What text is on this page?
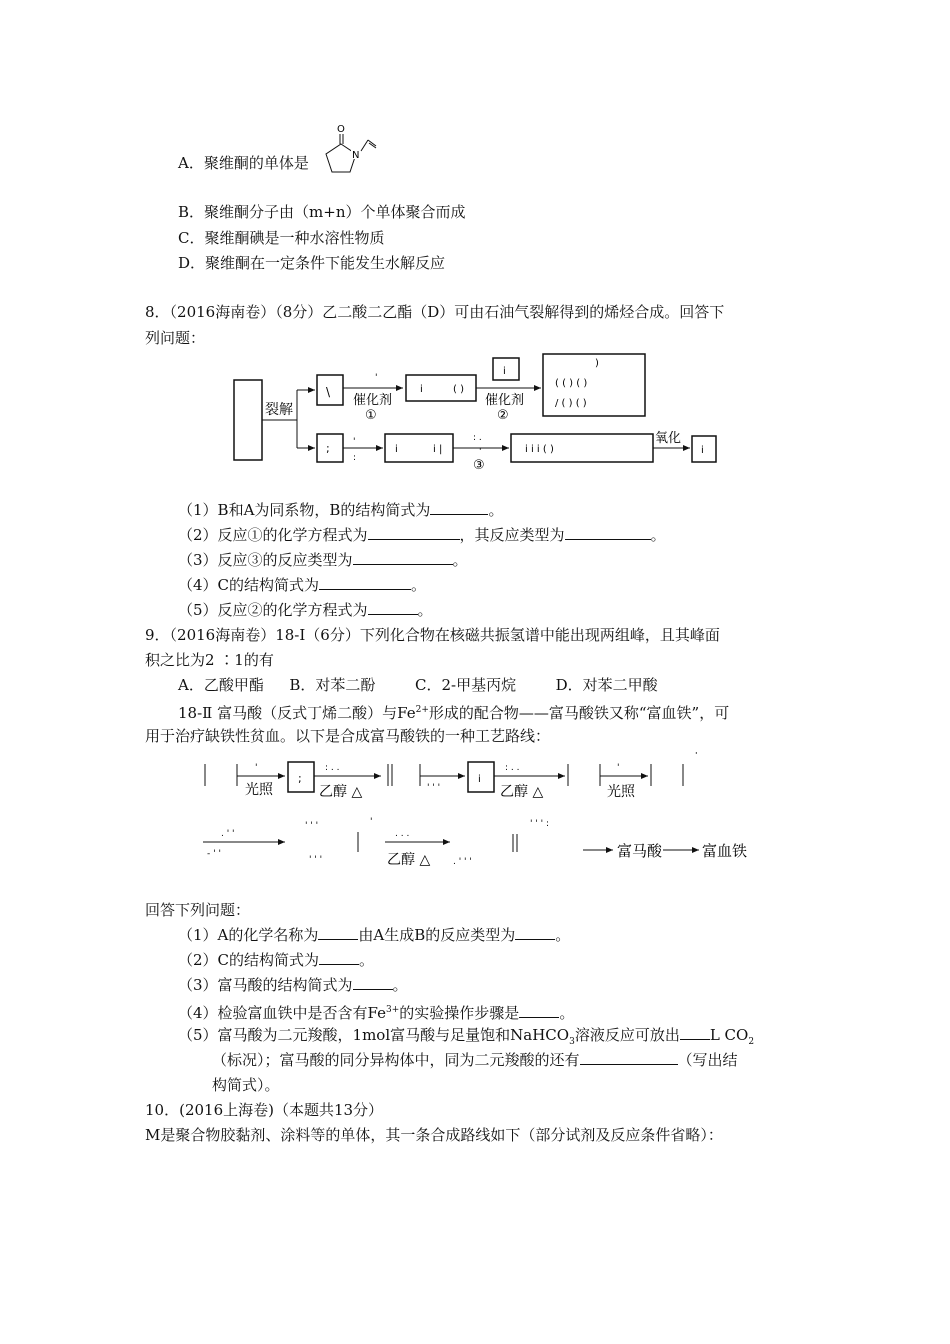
A．聚维酮的单体是
O
N
B．聚维酮分子由（m+n）个单体聚合而成
C．聚维酮碘是一种水溶性物质
D．聚维酮在一定条件下能发生水解反应
8．（2016海南卷）（8分）乙二酸二乙酯（D）可由石油气裂解得到的烯烃合成。回答下
列问题：
裂解
\
'
催化剂
①
i	( )
i
催化剂
②
)
( ( ) ( )
/ ( ) ( )
;	'
:
i	i |
: .
'
③
i i i ( )
氧化
i
（1）B和A为同系物，B的结构简式为	。
（2）反应①的化学方程式为	，其反应类型为	。
（3）反应③的反应类型为	。
（4）C的结构简式为	。
（5）反应②的化学方程式为	。
9．（2016海南卷）18-Ⅰ（6分）下列化合物在核磁共振氢谱中能出现两组峰，且其峰面
积之比为2 ∶1的有
A．乙酸甲酯 B．对苯二酚	C．2-甲基丙烷	D．对苯二甲酸
18-Ⅱ 富马酸（反式丁烯二酸）与$Fe^{2+}$形成的配合物——富马酸铁又称“富血铁”，可
用于治疗缺铁性贫血。以下是合成富马酸铁的一种工艺路线：
'
光照
;
: . .
乙醇 △	' ' '
i
: . .
乙醇 △
'
光照
'
. ' '
- ' '
' ' '
' ' '
'
. . .
乙醇 △	. ' ' '
' ' ' :
富马酸	富血铁
回答下列问题：
（1）A的化学名称为	由A生成B的反应类型为	。
（2）C的结构简式为	。
（3）富马酸的结构简式为	。
（4）检验富血铁中是否含有$Fe^{3+}$的实验操作步骤是	。
（5）富马酸为二元羧酸，1mol富马酸与足量饱和NaHCO$_3$溶液反应可放出 L $CO_2$
（标况）；富马酸的同分异构体中，同为二元羧酸的还有	（写出结
构简式）。
10．(2016上海卷)（本题共13分）
M是聚合物胶黏剂、涂料等的单体，其一条合成路线如下（部分试剂及反应条件省略）：
